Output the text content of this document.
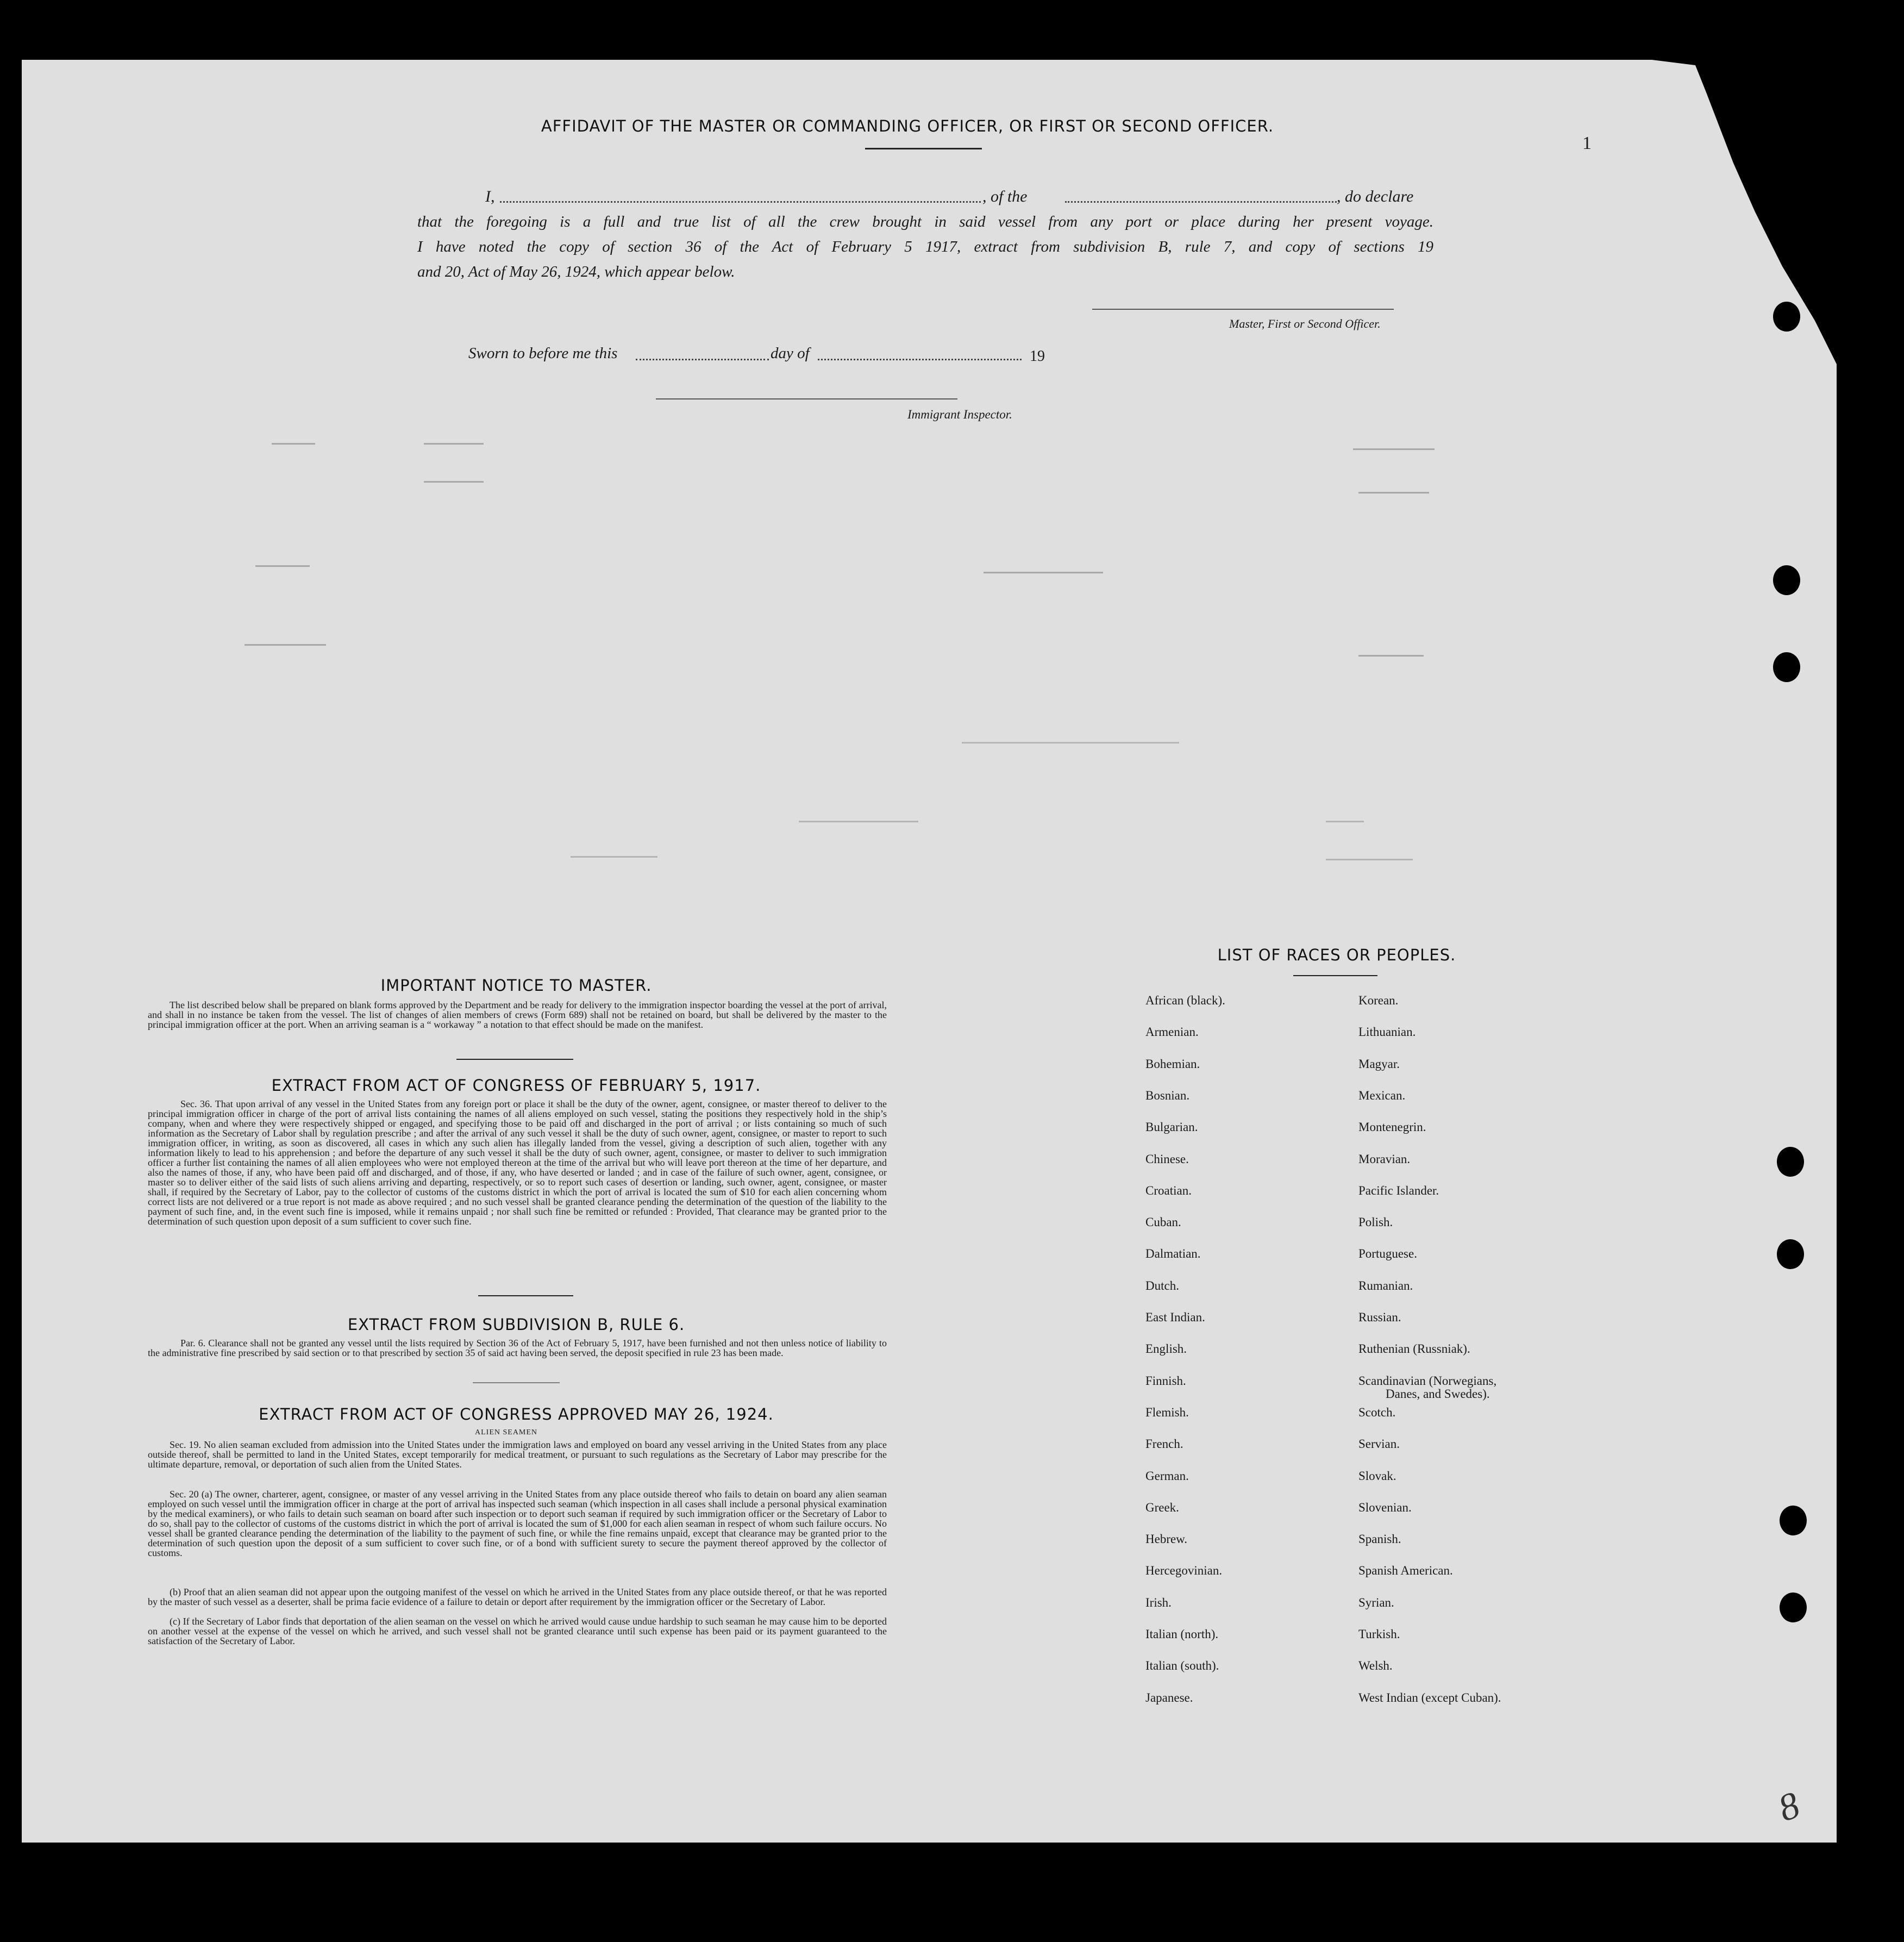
1
8
AFFIDAVIT OF THE MASTER OR COMMANDING OFFICER, OR FIRST OR SECOND OFFICER.
I,	, of the	, do declare
that the foregoing is a full and true list of all the crew brought in said vessel from any port or place during her present voyage.
I have noted the copy of section 36 of the Act of February 5 1917, extract from subdivision B, rule 7, and copy of sections 19
and 20, Act of May 26, 1924, which appear below.
Master, First or Second Officer.
Sworn to before me this	day of	19
Immigrant Inspector.
IMPORTANT NOTICE TO MASTER.
The list described below shall be prepared on blank forms approved by the Department and be ready for delivery to the immigration inspector boarding the vessel at the port of arrival, and shall in no instance be taken from the vessel. The list of changes of alien members of crews (Form 689) shall not be retained on board, but shall be delivered by the master to the principal immigration officer at the port. When an arriving seaman is a “ workaway ” a notation to that effect should be made on the manifest.
EXTRACT FROM ACT OF CONGRESS OF FEBRUARY 5, 1917.
Sec. 36. That upon arrival of any vessel in the United States from any foreign port or place it shall be the duty of the owner, agent, consignee, or master thereof to deliver to the principal immigration officer in charge of the port of arrival lists containing the names of all aliens employed on such vessel, stating the positions they respectively hold in the ship’s company, when and where they were respectively shipped or engaged, and specifying those to be paid off and discharged in the port of arrival ; or lists containing so much of such information as the Secretary of Labor shall by regulation prescribe ; and after the arrival of any such vessel it shall be the duty of such owner, agent, consignee, or master to report to such immigration officer, in writing, as soon as discovered, all cases in which any such alien has illegally landed from the vessel, giving a description of such alien, together with any information likely to lead to his apprehension ; and before the departure of any such vessel it shall be the duty of such owner, agent, consignee, or master to deliver to such immigration officer a further list containing the names of all alien employees who were not employed thereon at the time of the arrival but who will leave port thereon at the time of her departure, and also the names of those, if any, who have been paid off and discharged, and of those, if any, who have deserted or landed ; and in case of the failure of such owner, agent, consignee, or master so to deliver either of the said lists of such aliens arriving and departing, respectively, or so to report such cases of desertion or landing, such owner, agent, consignee, or master shall, if required by the Secretary of Labor, pay to the collector of customs of the customs district in which the port of arrival is located the sum of $10 for each alien concerning whom correct lists are not delivered or a true report is not made as above required ; and no such vessel shall be granted clearance pending the determination of the question of the liability to the payment of such fine, and, in the event such fine is imposed, while it remains unpaid ; nor shall such fine be remitted or refunded : Provided, That clearance may be granted prior to the determination of such question upon deposit of a sum sufficient to cover such fine.
EXTRACT FROM SUBDIVISION B, RULE 6.
Par. 6. Clearance shall not be granted any vessel until the lists required by Section 36 of the Act of February 5, 1917, have been furnished and not then unless notice of liability to the administrative fine prescribed by said section or to that prescribed by section 35 of said act having been served, the deposit specified in rule 23 has been made.
EXTRACT FROM ACT OF CONGRESS APPROVED MAY 26, 1924.
ALIEN SEAMEN
Sec. 19. No alien seaman excluded from admission into the United States under the immigration laws and employed on board any vessel arriving in the United States from any place outside thereof, shall be permitted to land in the United States, except temporarily for medical treatment, or pursuant to such regulations as the Secretary of Labor may prescribe for the ultimate departure, removal, or deportation of such alien from the United States.
Sec. 20 (a) The owner, charterer, agent, consignee, or master of any vessel arriving in the United States from any place outside thereof who fails to detain on board any alien seaman employed on such vessel until the immigration officer in charge at the port of arrival has inspected such seaman (which inspection in all cases shall include a personal physical examination by the medical examiners), or who fails to detain such seaman on board after such inspection or to deport such seaman if required by such immigration officer or the Secretary of Labor to do so, shall pay to the collector of customs of the customs district in which the port of arrival is located the sum of $1,000 for each alien seaman in respect of whom such failure occurs. No vessel shall be granted clearance pending the determination of the liability to the payment of such fine, or while the fine remains unpaid, except that clearance may be granted prior to the determination of such question upon the deposit of a sum sufficient to cover such fine, or of a bond with sufficient surety to secure the payment thereof approved by the collector of customs.
(b) Proof that an alien seaman did not appear upon the outgoing manifest of the vessel on which he arrived in the United States from any place outside thereof, or that he was reported by the master of such vessel as a deserter, shall be prima facie evidence of a failure to detain or deport after requirement by the immigration officer or the Secretary of Labor.
(c) If the Secretary of Labor finds that deportation of the alien seaman on the vessel on which he arrived would cause undue hardship to such seaman he may cause him to be deported on another vessel at the expense of the vessel on which he arrived, and such vessel shall not be granted clearance until such expense has been paid or its payment guaranteed to the satisfaction of the Secretary of Labor.
LIST OF RACES OR PEOPLES.
Danes, and Swedes).
African (black).
Armenian.
Bohemian.
Bosnian.
Bulgarian.
Chinese.
Croatian.
Cuban.
Dalmatian.
Dutch.
East Indian.
English.
Finnish.
Flemish.
French.
German.
Greek.
Hebrew.
Hercegovinian.
Irish.
Italian (north).
Italian (south).
Japanese.
Korean.
Lithuanian.
Magyar.
Mexican.
Montenegrin.
Moravian.
Pacific Islander.
Polish.
Portuguese.
Rumanian.
Russian.
Ruthenian (Russniak).
Scandinavian (Norwegians,
Scotch.
Servian.
Slovak.
Slovenian.
Spanish.
Spanish American.
Syrian.
Turkish.
Welsh.
West Indian (except Cuban).
